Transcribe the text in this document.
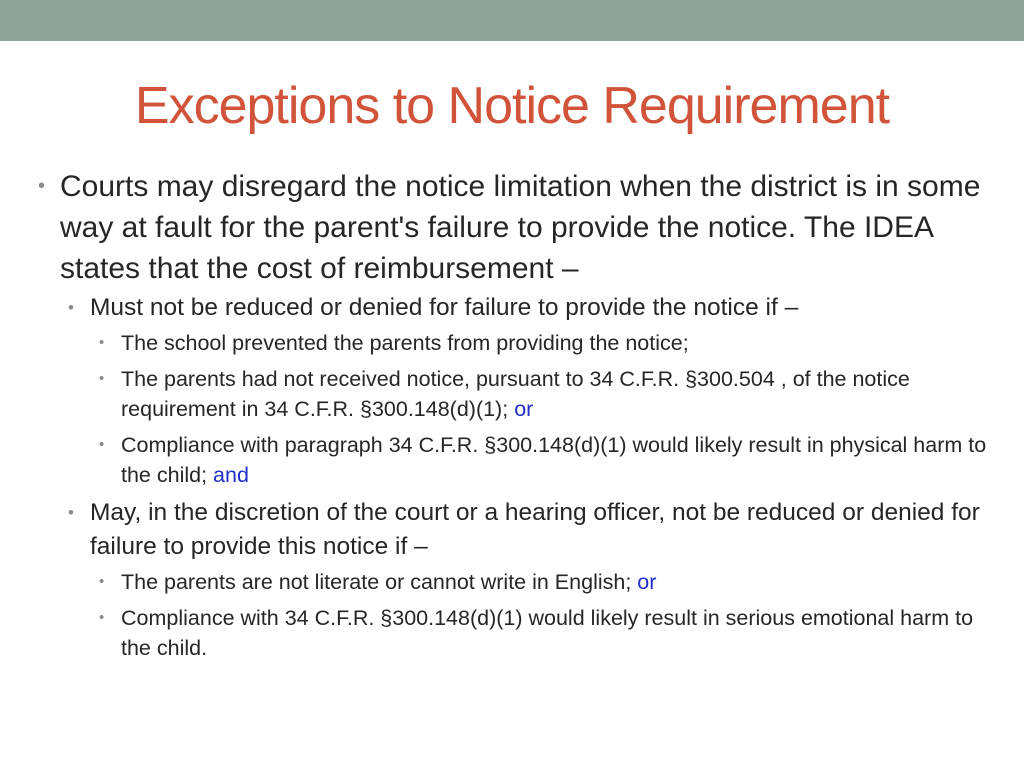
Exceptions to Notice Requirement
• Courts may disregard the notice limitation when the district is in some way at fault for the parent's failure to provide the notice. The IDEA states that the cost of reimbursement –
• Must not be reduced or denied for failure to provide the notice if –
• The school prevented the parents from providing the notice;
• The parents had not received notice, pursuant to 34 C.F.R. §300.504 , of the notice requirement in 34 C.F.R. §300.148(d)(1); or
• Compliance with paragraph 34 C.F.R. §300.148(d)(1) would likely result in physical harm to the child; and
• May, in the discretion of the court or a hearing officer, not be reduced or denied for failure to provide this notice if –
• The parents are not literate or cannot write in English; or
• Compliance with 34 C.F.R. §300.148(d)(1) would likely result in serious emotional harm to the child.
